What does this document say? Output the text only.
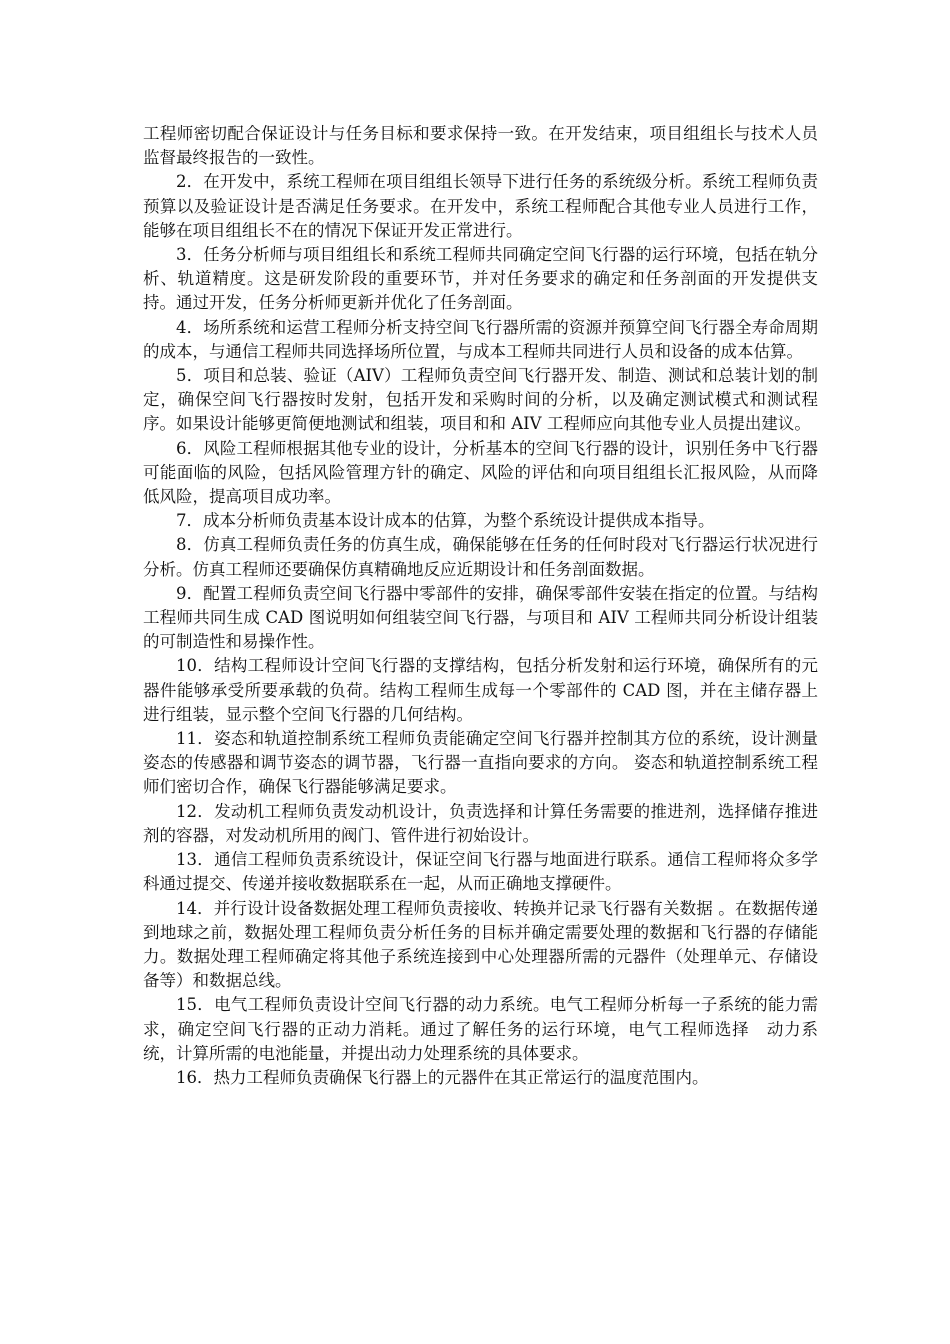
工程师密切配合保证设计与任务目标和要求保持一致。在开发结束，项目组组长与技术人员监督最终报告的一致性。

2．在开发中，系统工程师在项目组组长领导下进行任务的系统级分析。系统工程师负责预算以及验证设计是否满足任务要求。在开发中，系统工程师配合其他专业人员进行工作，能够在项目组组长不在的情况下保证开发正常进行。

3．任务分析师与项目组组长和系统工程师共同确定空间飞行器的运行环境，包括在轨分析、轨道精度。这是研发阶段的重要环节，并对任务要求的确定和任务剖面的开发提供支持。通过开发，任务分析师更新并优化了任务剖面。

4．场所系统和运营工程师分析支持空间飞行器所需的资源并预算空间飞行器全寿命周期的成本，与通信工程师共同选择场所位置，与成本工程师共同进行人员和设备的成本估算。

5．项目和总装、验证（AIV）工程师负责空间飞行器开发、制造、测试和总装计划的制定，确保空间飞行器按时发射，包括开发和采购时间的分析，以及确定测试模式和测试程序。如果设计能够更简便地测试和组装，项目和和 AIV 工程师应向其他专业人员提出建议。

6．风险工程师根据其他专业的设计，分析基本的空间飞行器的设计，识别任务中飞行器可能面临的风险，包括风险管理方针的确定、风险的评估和向项目组组长汇报风险，从而降低风险，提高项目成功率。

7．成本分析师负责基本设计成本的估算，为整个系统设计提供成本指导。

8．仿真工程师负责任务的仿真生成，确保能够在任务的任何时段对飞行器运行状况进行分析。仿真工程师还要确保仿真精确地反应近期设计和任务剖面数据。

9．配置工程师负责空间飞行器中零部件的安排，确保零部件安装在指定的位置。与结构工程师共同生成 CAD 图说明如何组装空间飞行器，与项目和 AIV 工程师共同分析设计组装的可制造性和易操作性。

10．结构工程师设计空间飞行器的支撑结构，包括分析发射和运行环境，确保所有的元器件能够承受所要承载的负荷。结构工程师生成每一个零部件的 CAD 图，并在主储存器上进行组装，显示整个空间飞行器的几何结构。

11．姿态和轨道控制系统工程师负责能确定空间飞行器并控制其方位的系统，设计测量姿态的传感器和调节姿态的调节器，飞行器一直指向要求的方向。 姿态和轨道控制系统工程师们密切合作，确保飞行器能够满足要求。

12．发动机工程师负责发动机设计，负责选择和计算任务需要的推进剂，选择储存推进剂的容器，对发动机所用的阀门、管件进行初始设计。

13．通信工程师负责系统设计，保证空间飞行器与地面进行联系。通信工程师将众多学科通过提交、传递并接收数据联系在一起，从而正确地支撑硬件。

14．并行设计设备数据处理工程师负责接收、转换并记录飞行器有关数据 。在数据传递到地球之前，数据处理工程师负责分析任务的目标并确定需要处理的数据和飞行器的存储能力。数据处理工程师确定将其他子系统连接到中心处理器所需的元器件（处理单元、存储设备等）和数据总线。

15．电气工程师负责设计空间飞行器的动力系统。电气工程师分析每一子系统的能力需求，确定空间飞行器的正动力消耗。通过了解任务的运行环境，电气工程师选择　动力系统，计算所需的电池能量，并提出动力处理系统的具体要求。

16．热力工程师负责确保飞行器上的元器件在其正常运行的温度范围内。
